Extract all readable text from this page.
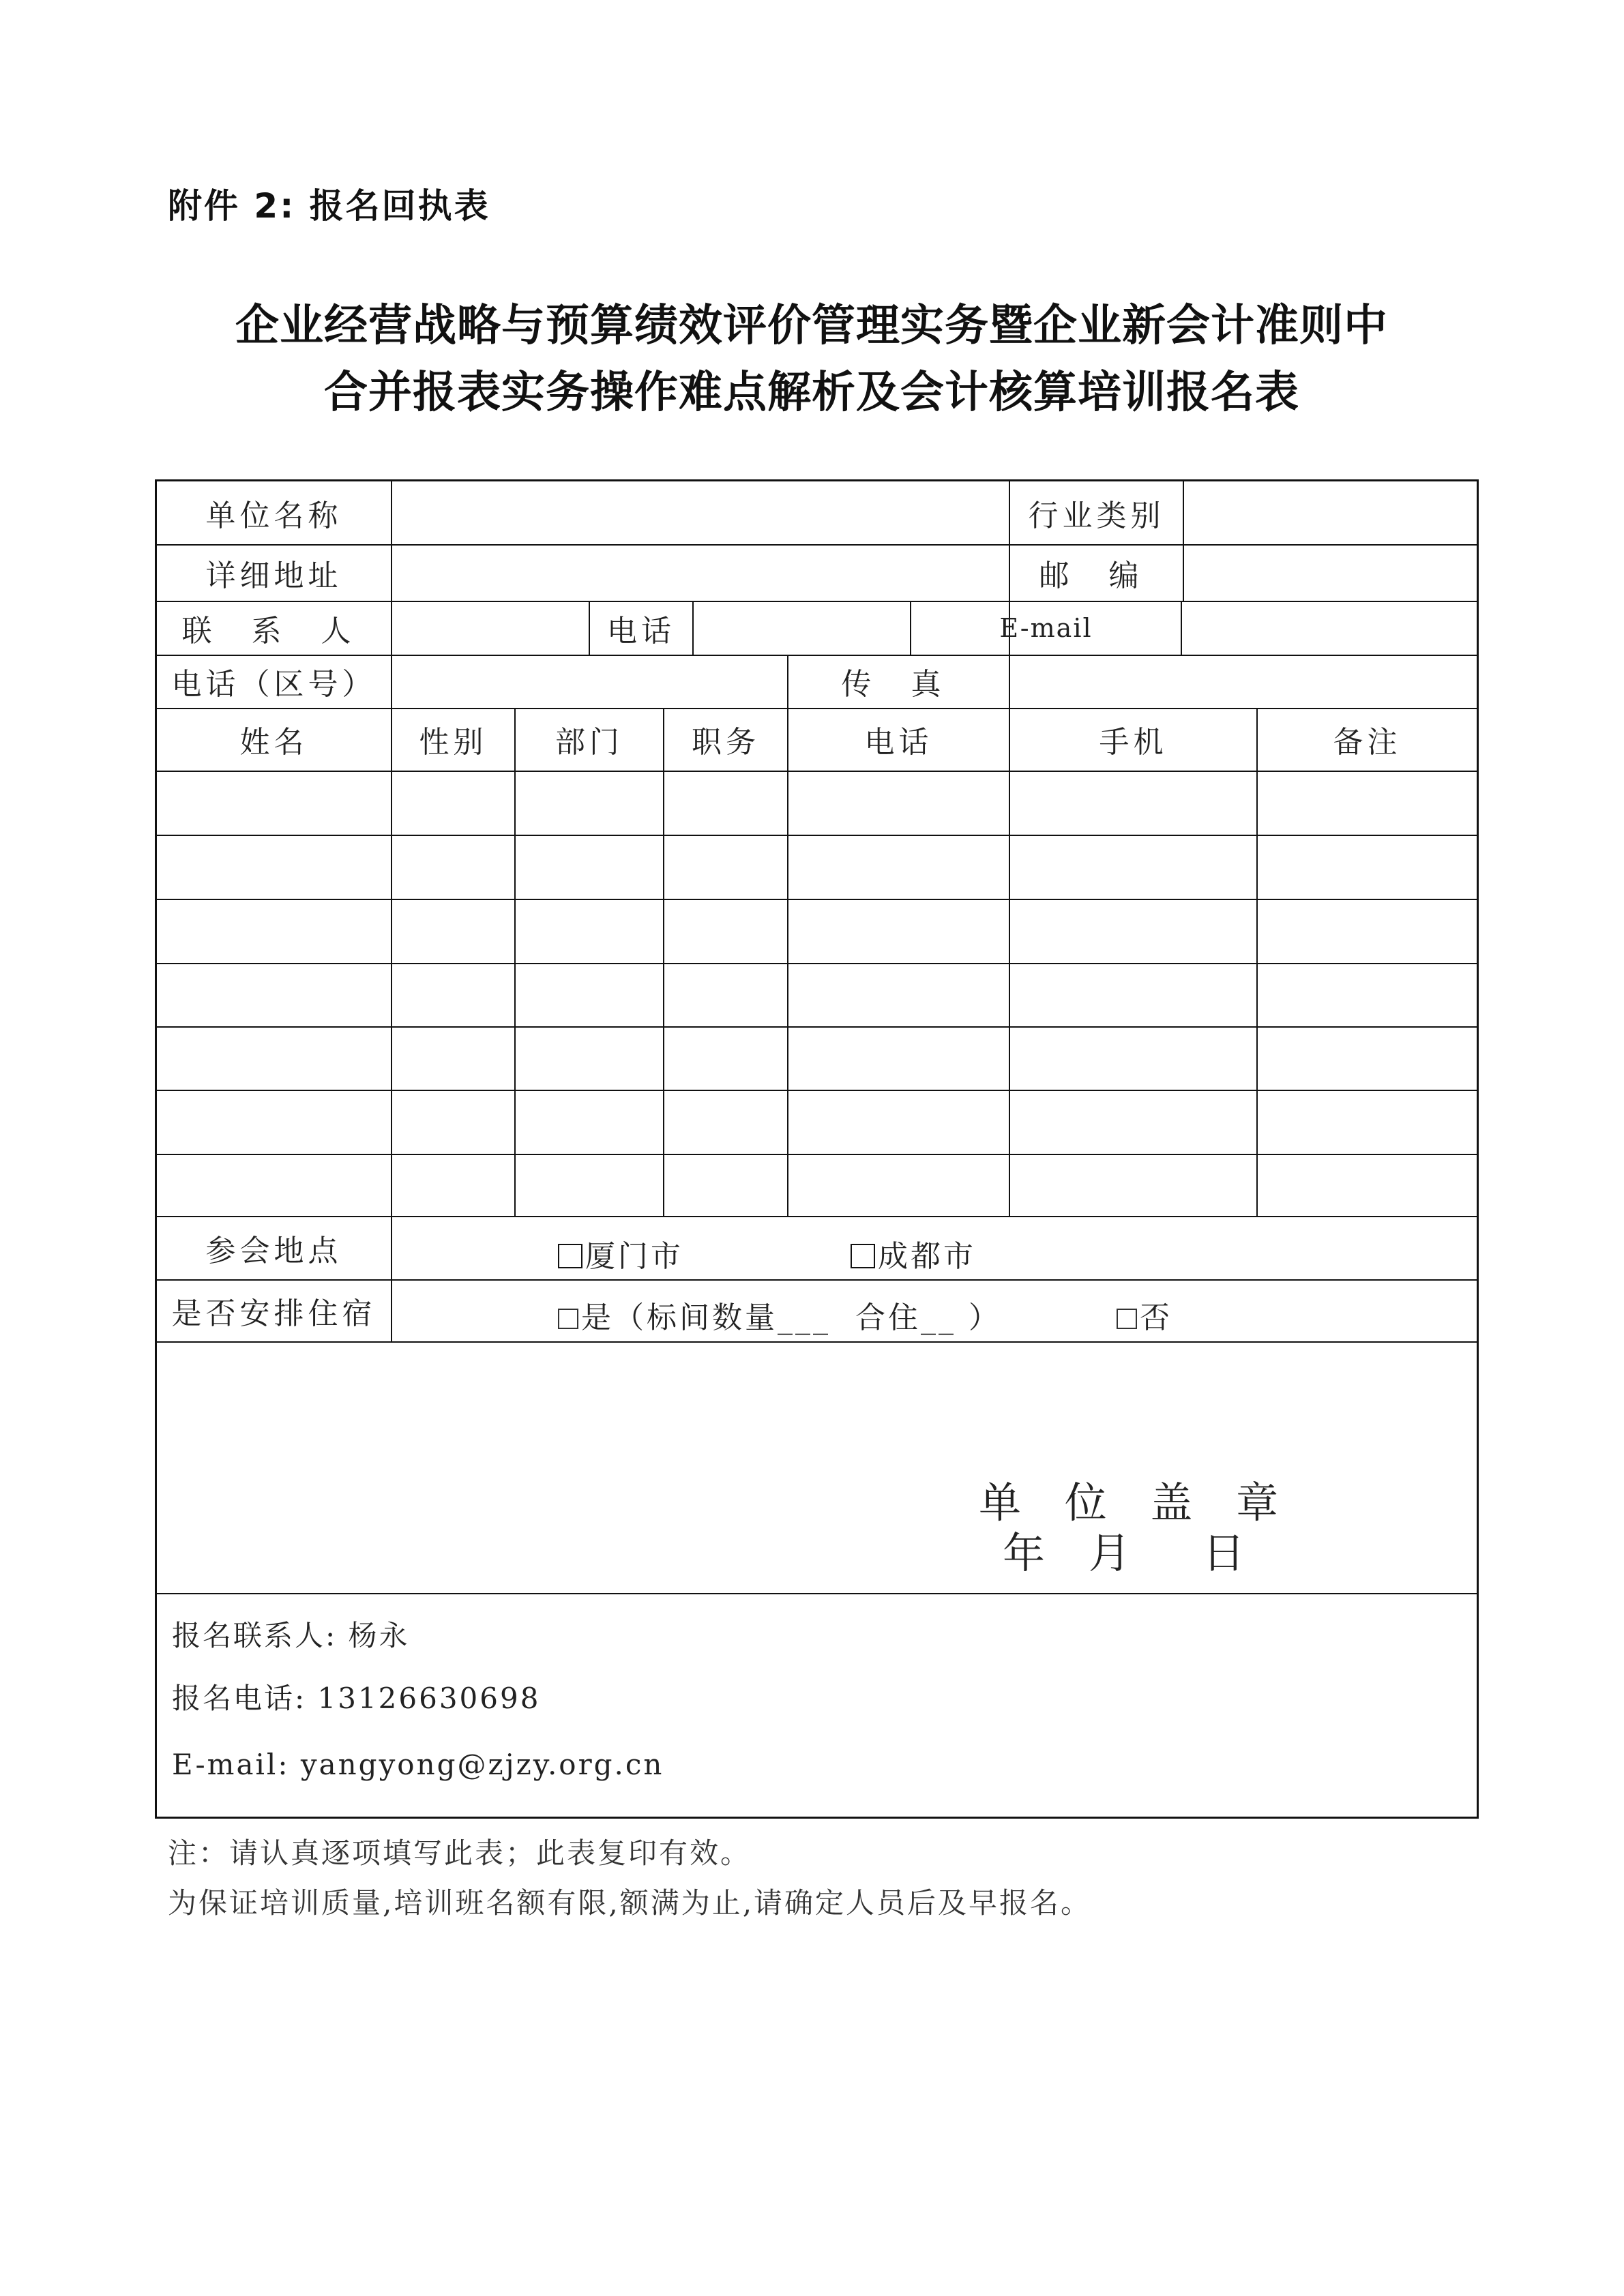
附件 2: 报名回执表
企业经营战略与预算绩效评价管理实务暨企业新会计准则中
合并报表实务操作难点解析及会计核算培训报名表
单位名称	行业类别
详细地址	邮 编
联 系 人	电话	E-mail
电话（区号）	传 真
姓名	性别	部门	职务	电话	手机	备注
参会地点	厦门市	成都市
是否安排住宿	是（标间数量___  合住__ ）	否
单 位 盖 章
年 月  日
报名联系人: 杨永
报名电话: 13126630698
E-mail: yangyong@zjzy.org.cn
注：请认真逐项填写此表；此表复印有效。
为保证培训质量,培训班名额有限,额满为止,请确定人员后及早报名。
